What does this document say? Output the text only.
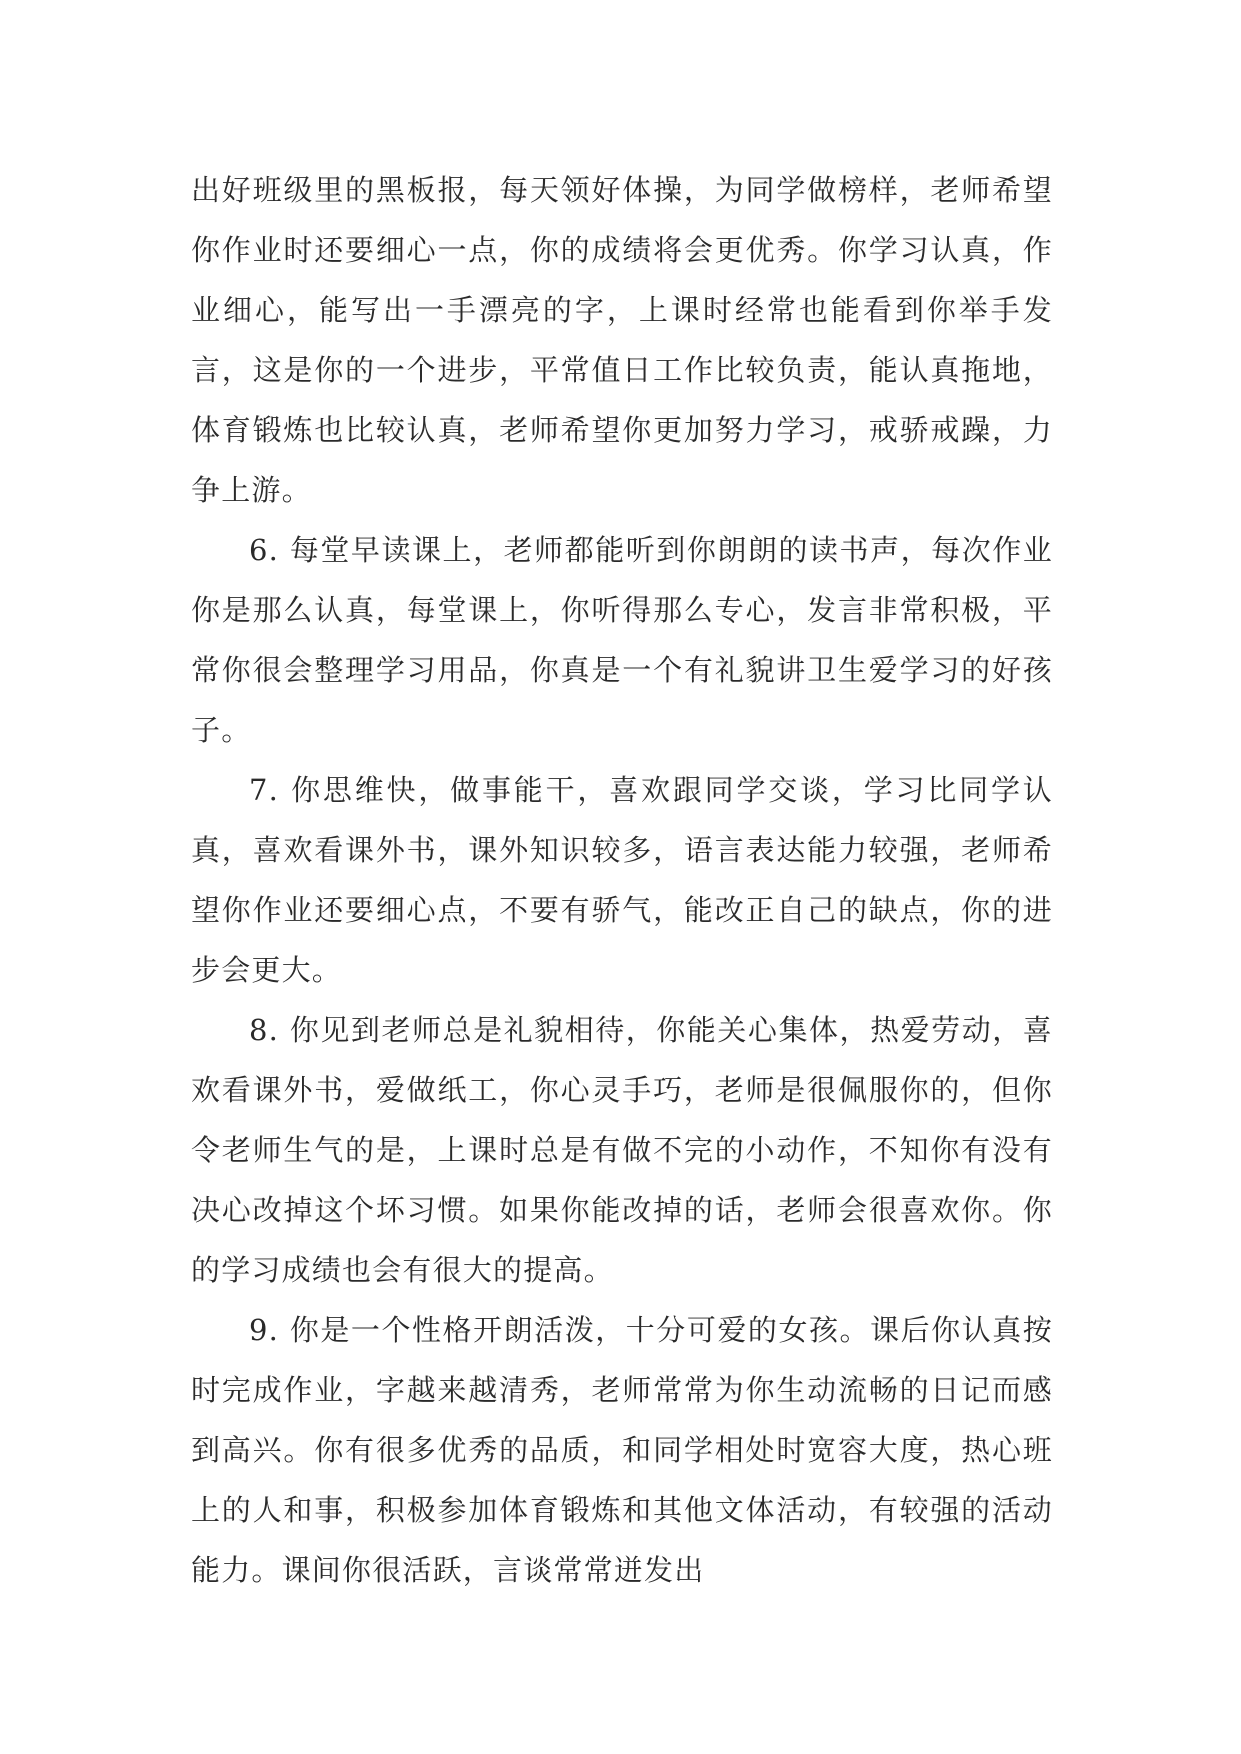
出好班级里的黑板报，每天领好体操，为同学做榜样，老师希望你作业时还要细心一点，你的成绩将会更优秀。你学习认真，作业细心，能写出一手漂亮的字，上课时经常也能看到你举手发言，这是你的一个进步，平常值日工作比较负责，能认真拖地，体育锻炼也比较认真，老师希望你更加努力学习，戒骄戒躁，力争上游。

6. 每堂早读课上，老师都能听到你朗朗的读书声，每次作业你是那么认真，每堂课上，你听得那么专心，发言非常积极，平常你很会整理学习用品，你真是一个有礼貌讲卫生爱学习的好孩子。

7. 你思维快，做事能干，喜欢跟同学交谈，学习比同学认真，喜欢看课外书，课外知识较多，语言表达能力较强，老师希望你作业还要细心点，不要有骄气，能改正自己的缺点，你的进步会更大。

8. 你见到老师总是礼貌相待，你能关心集体，热爱劳动，喜欢看课外书，爱做纸工，你心灵手巧，老师是很佩服你的，但你令老师生气的是，上课时总是有做不完的小动作，不知你有没有决心改掉这个坏习惯。如果你能改掉的话，老师会很喜欢你。你的学习成绩也会有很大的提高。

9. 你是一个性格开朗活泼，十分可爱的女孩。课后你认真按时完成作业，字越来越清秀，老师常常为你生动流畅的日记而感到高兴。你有很多优秀的品质，和同学相处时宽容大度，热心班上的人和事，积极参加体育锻炼和其他文体活动，有较强的活动能力。课间你很活跃，言谈常常迸发出
